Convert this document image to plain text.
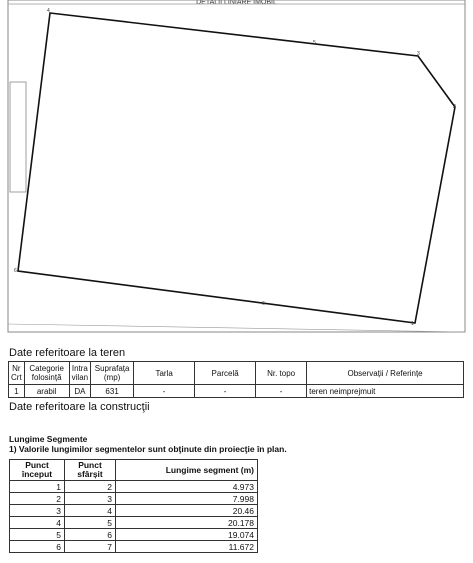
DETALII LINIARE IMOBIL
4
3
2
1
6
5
6
Date referitoare la teren
Nr Crt	Categorie folosință	Intra vilan	Suprafața (mp)	Tarla	Parcelă	Nr. topo	Observații / Referințe
1	arabil	DA	631	-	-	-	teren neimprejmuit
Date referitoare la construcţii
Lungime Segmente
1) Valorile lungimilor segmentelor sunt obţinute din proiecţie în plan.
Punct început	Punct sfârșit	Lungime segment (m)
1	2	4.973
2	3	7.998
3	4	20.46
4	5	20.178
5	6	19.074
6	7	11.672
